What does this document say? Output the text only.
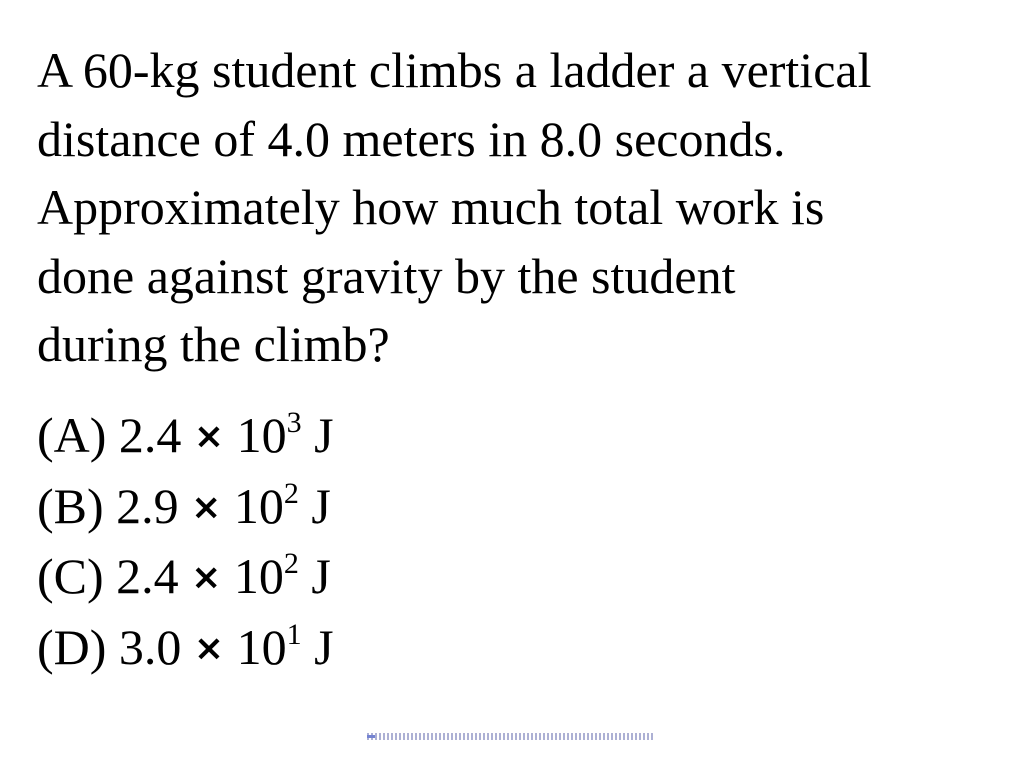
A 60-kg student climbs a ladder a vertical
distance of 4.0 meters in 8.0 seconds.
Approximately how much total work is
done against gravity by the student
during the climb?

(A) $2.4 \times 10^3$ J
(B) $2.9 \times 10^2$ J
(C) $2.4 \times 10^2$ J
(D) $3.0 \times 10^1$ J
